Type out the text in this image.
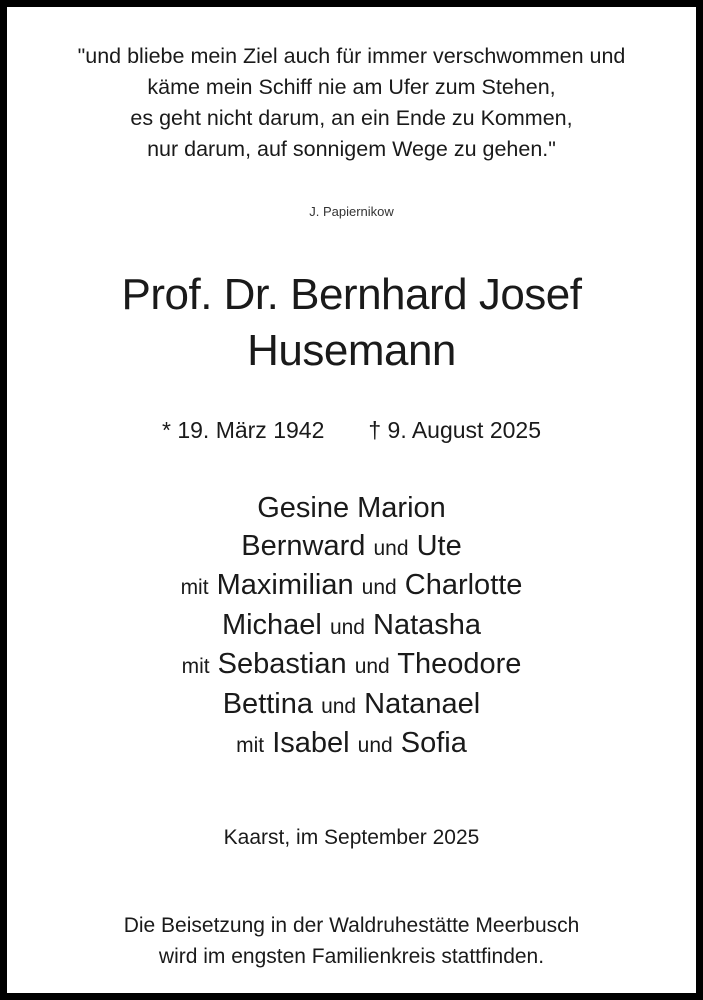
"und bliebe mein Ziel auch für immer verschwommen und
käme mein Schiff nie am Ufer zum Stehen,
es geht nicht darum, an ein Ende zu Kommen,
nur darum, auf sonnigem Wege zu gehen."
J. Papiernikow
Prof. Dr. Bernhard Josef
Husemann
* 19. März 1942 † 9. August 2025
Gesine Marion
Bernward und Ute
mit Maximilian und Charlotte
Michael und Natasha
mit Sebastian und Theodore
Bettina und Natanael
mit Isabel und Sofia
Kaarst, im September 2025
Die Beisetzung in der Waldruhestätte Meerbusch
wird im engsten Familienkreis stattfinden.
